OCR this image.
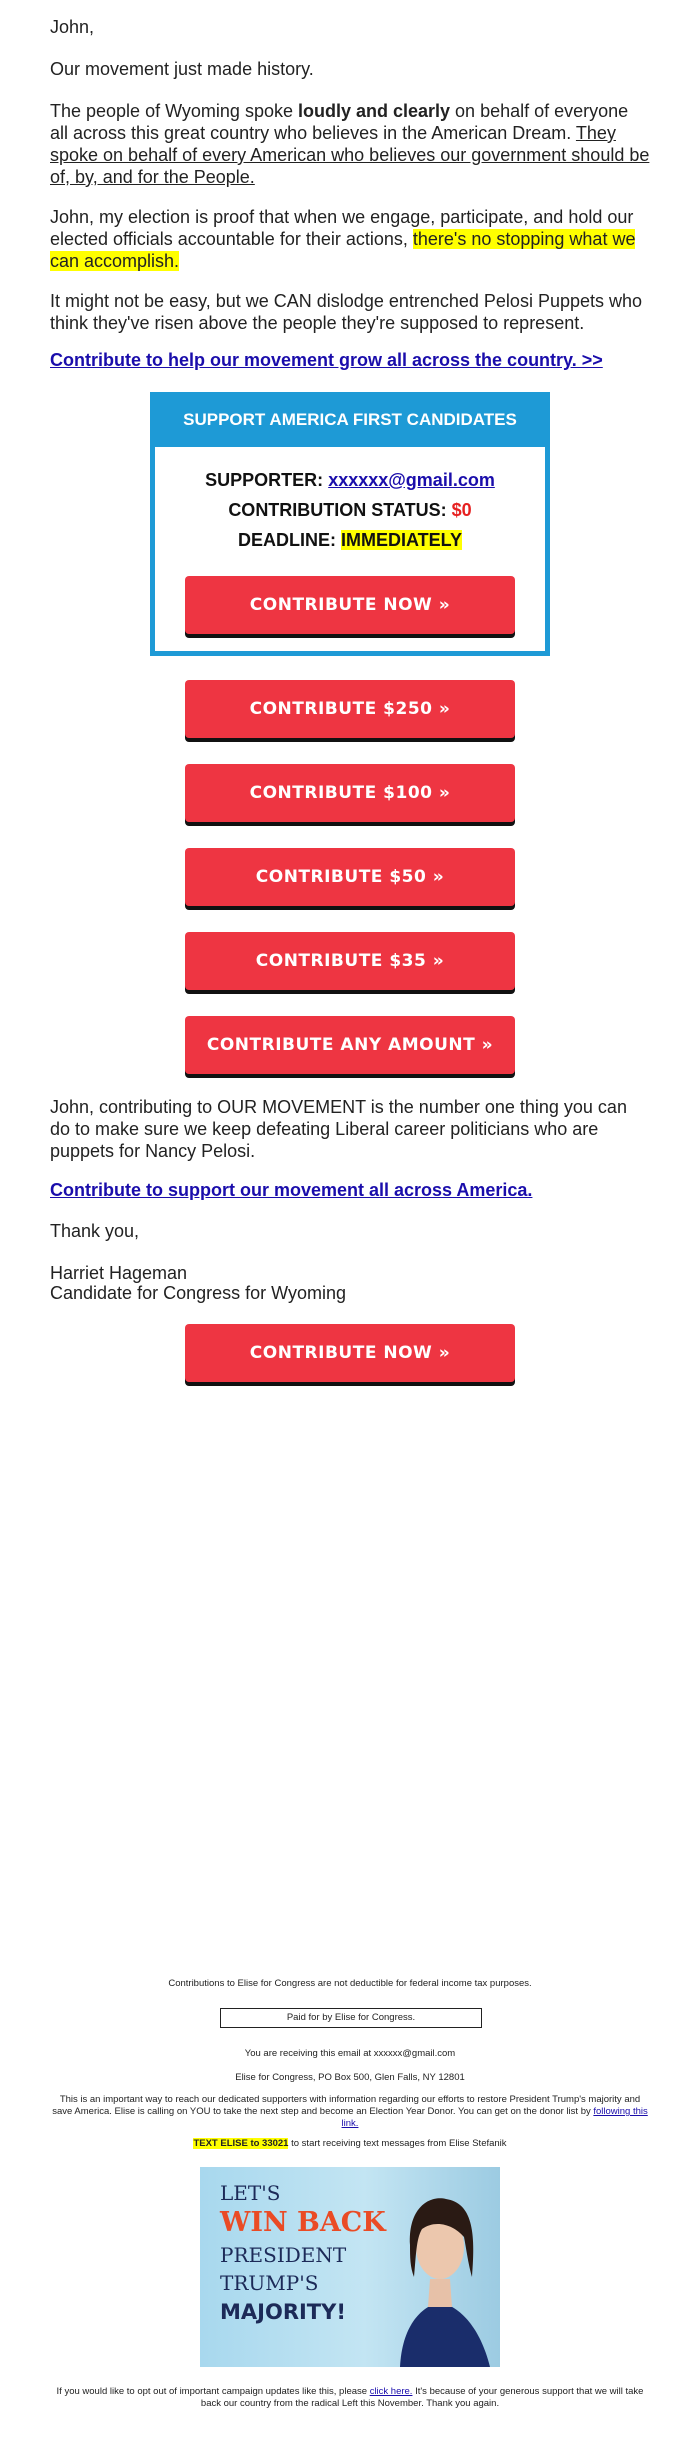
John,

Our movement just made history.

The people of Wyoming spoke loudly and clearly on behalf of everyone all across this great country who believes in the American Dream. They spoke on behalf of every American who believes our government should be of, by, and for the People.

John, my election is proof that when we engage, participate, and hold our elected officials accountable for their actions, there's no stopping what we can accomplish.

It might not be easy, but we CAN dislodge entrenched Pelosi Puppets who think they've risen above the people they're supposed to represent.

Contribute to help our movement grow all across the country. >>
SUPPORT AMERICA FIRST CANDIDATES
SUPPORTER: xxxxxx@gmail.com
CONTRIBUTION STATUS: $0
DEADLINE: IMMEDIATELY
CONTRIBUTE NOW »
CONTRIBUTE $250 »
CONTRIBUTE $100 »
CONTRIBUTE $50 »
CONTRIBUTE $35 »
CONTRIBUTE ANY AMOUNT »

John, contributing to OUR MOVEMENT is the number one thing you can do to make sure we keep defeating Liberal career politicians who are puppets for Nancy Pelosi.

Contribute to support our movement all across America.

Thank you,

Harriet Hageman

Candidate for Congress for Wyoming

CONTRIBUTE NOW »
Contributions to Elise for Congress are not deductible for federal income tax purposes.
Paid for by Elise for Congress.
You are receiving this email at xxxxxx@gmail.com
Elise for Congress, PO Box 500, Glen Falls, NY 12801
This is an important way to reach our dedicated supporters with information regarding our efforts to restore President Trump's majority and save America. Elise is calling on YOU to take the next step and become an Election Year Donor. You can get on the donor list by following this link.
TEXT ELISE to 33021 to start receiving text messages from Elise Stefanik
LET'S
WIN BACK
PRESIDENT
TRUMP'S
MAJORITY!
If you would like to opt out of important campaign updates like this, please click here. It's because of your generous support that we will take back our country from the radical Left this November. Thank you again.
